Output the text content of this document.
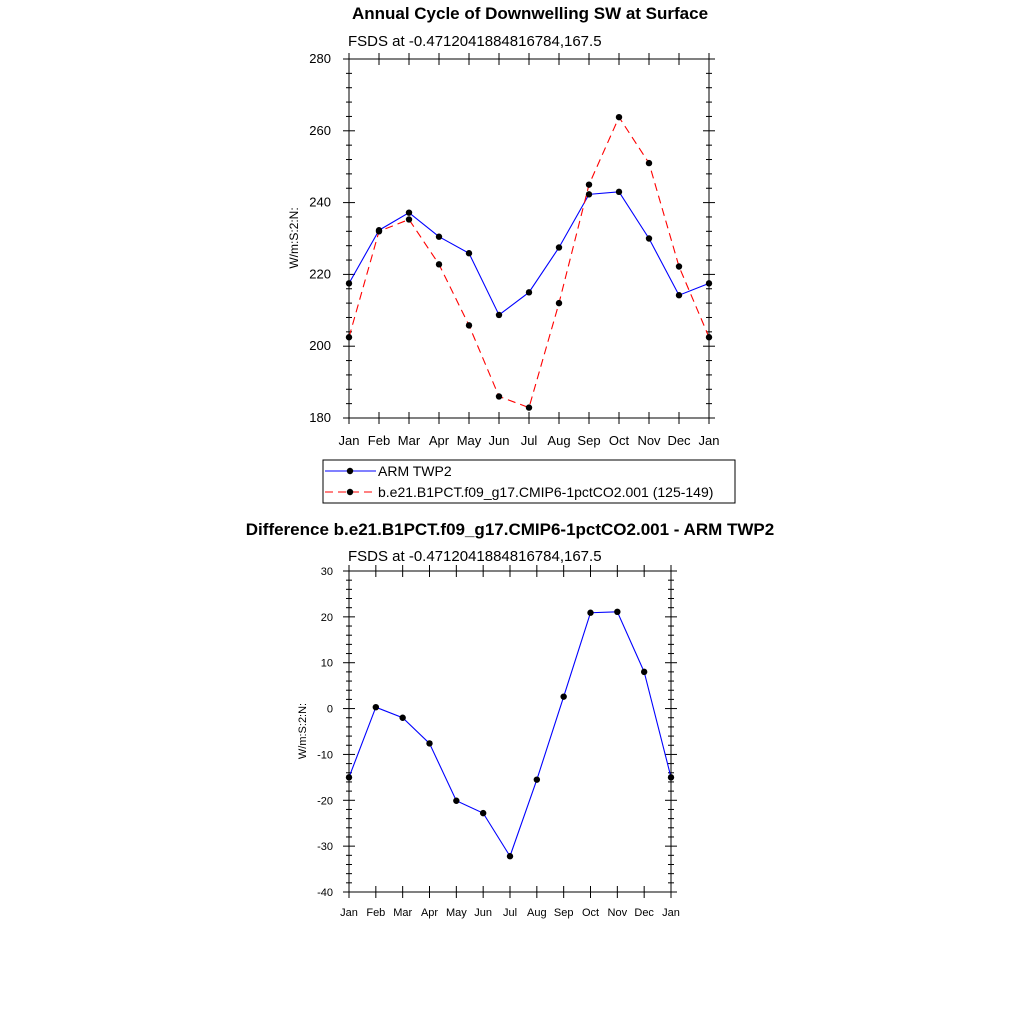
Annual Cycle of Downwelling SW at Surface
FSDS at -0.4712041884816784,167.5
180
200
220
240
260
280
Jan Feb Mar Apr May Jun Jul Aug Sep Oct Nov Dec Jan
W/m:S:2:N:
ARM TWP2
b.e21.B1PCT.f09_g17.CMIP6-1pctCO2.001 (125-149)
Difference b.e21.B1PCT.f09_g17.CMIP6-1pctCO2.001 - ARM TWP2
FSDS at -0.4712041884816784,167.5
-40
-30
-20
-10
0
10
20
30
Jan Feb Mar Apr May Jun Jul Aug Sep Oct Nov Dec Jan
W/m:S:2:N:
